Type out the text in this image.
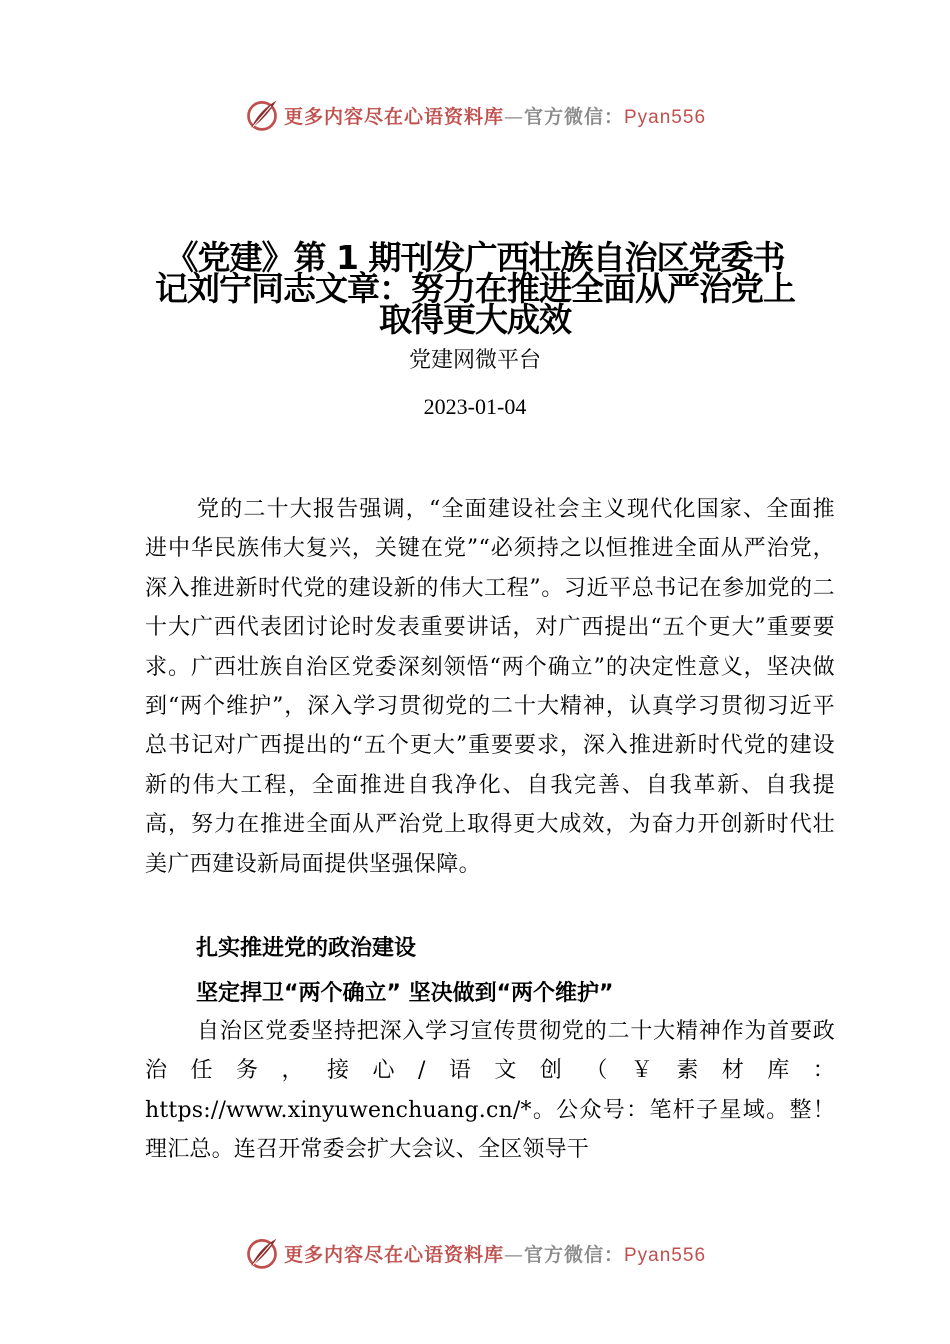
更多内容尽在心语资料库—官方微信：Pyan556
《党建》第 1 期刊发广西壮族自治区党委书记刘宁同志文章：努力在推进全面从严治党上取得更大成效
党建网微平台
2023-01-04

党的二十大报告强调，“全面建设社会主义现代化国家、全面推进中华民族伟大复兴，关键在党”“必须持之以恒推进全面从严治党，深入推进新时代党的建设新的伟大工程”。习近平总书记在参加党的二十大广西代表团讨论时发表重要讲话，对广西提出“五个更大”重要要求。广西壮族自治区党委深刻领悟“两个确立”的决定性意义，坚决做到“两个维护”，深入学习贯彻党的二十大精神，认真学习贯彻习近平总书记对广西提出的“五个更大”重要要求，深入推进新时代党的建设新的伟大工程，全面推进自我净化、自我完善、自我革新、自我提高，努力在推进全面从严治党上取得更大成效，为奋力开创新时代壮美广西建设新局面提供坚强保障。

扎实推进党的政治建设
坚定捍卫“两个确立” 坚决做到“两个维护”

自治区党委坚持把深入学习宣传贯彻党的二十大精神作为首要政治任务，接心/语文创（￥素材库：https://www.xinyuwenchuang.cn/*。公众号：笔杆子星域。整！理汇总。连召开常委会扩大会议、全区领导干

更多内容尽在心语资料库—官方微信：Pyan556
